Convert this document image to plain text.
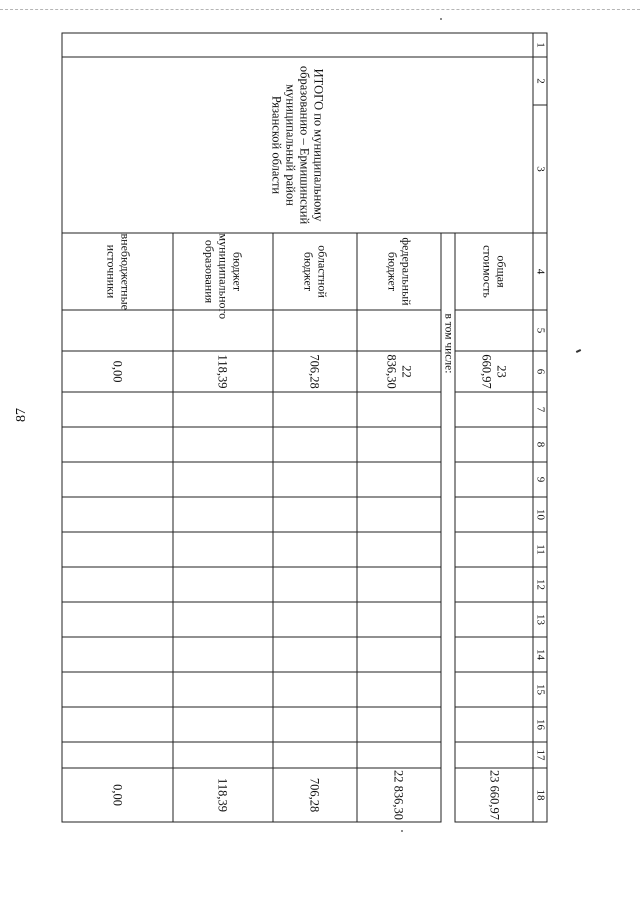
87
1	2	3	4	5	6	7	8	9	10	11	12	13	14	15	16	17	18
	ИТОГО по муниципальному образованию – Ермишинский муниципальный район Рязанской области		общая стоимость		23 660,97												23 660,97
			в том числе:														
			федеральный бюджет		22 836,30												22 836,30
			областной бюджет		706,28												706,28
			бюджет муниципального образования		118,39												118,39
			внебюджетные источники		0,00												0,00
